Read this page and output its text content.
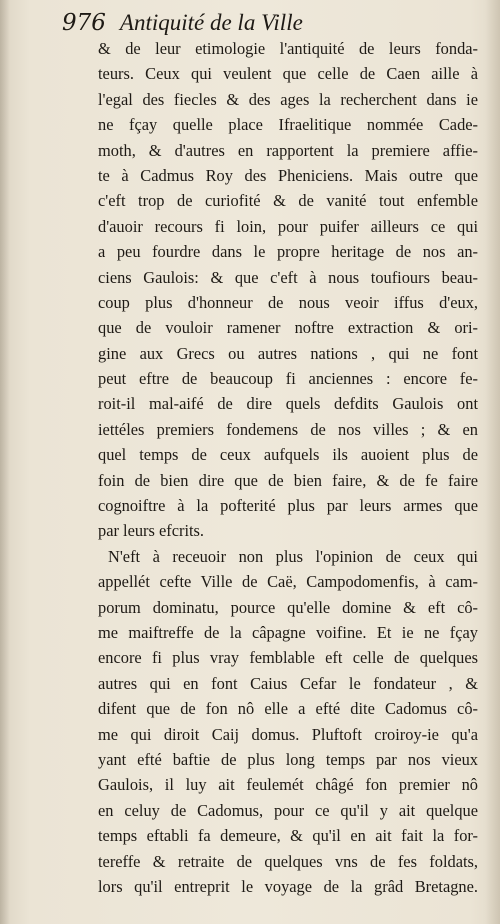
976 Antiquité de la Ville
& de leur etimologie l'antiquité de leurs fonda-
teurs. Ceux qui veulent que celle de Caen aille à
l'egal des fiecles & des ages la recherchent dans ie
ne fçay quelle place Ifraelitique nommée Cade-
moth, & d'autres en rapportent la premiere affie-
te à Cadmus Roy des Pheniciens. Mais outre que
c'eft trop de curiofité & de vanité tout enfemble
d'auoir recours fi loin, pour puifer ailleurs ce qui
a peu fourdre dans le propre heritage de nos an-
ciens Gaulois: & que c'eft à nous toufiours beau-
coup plus d'honneur de nous veoir iffus d'eux,
que de vouloir ramener noftre extraction & ori-
gine aux Grecs ou autres nations , qui ne font
peut eftre de beaucoup fi anciennes : encore fe-
roit-il mal-aifé de dire quels defdits Gaulois ont
iettéles premiers fondemens de nos villes ; & en
quel temps de ceux aufquels ils auoient plus de
foin de bien dire que de bien faire, & de fe faire
cognoiftre à la pofterité plus par leurs armes que
par leurs efcrits.
N'eft à receuoir non plus l'opinion de ceux qui
appellét cefte Ville de Caë, Campodomenfis, à cam-
porum dominatu, pource qu'elle domine & eft cô-
me maiftreffe de la câpagne voifine. Et ie ne fçay
encore fi plus vray femblable eft celle de quelques
autres qui en font Caius Cefar le fondateur , &
difent que de fon nô elle a efté dite Cadomus cô-
me qui diroit Caij domus. Pluftoft croiroy-ie qu'a
yant efté baftie de plus long temps par nos vieux
Gaulois, il luy ait feulemét châgé fon premier nô
en celuy de Cadomus, pour ce qu'il y ait quelque
temps eftabli fa demeure, & qu'il en ait fait la for-
tereffe & retraite de quelques vns de fes foldats,
lors qu'il entreprit le voyage de la grâd Bretagne.
